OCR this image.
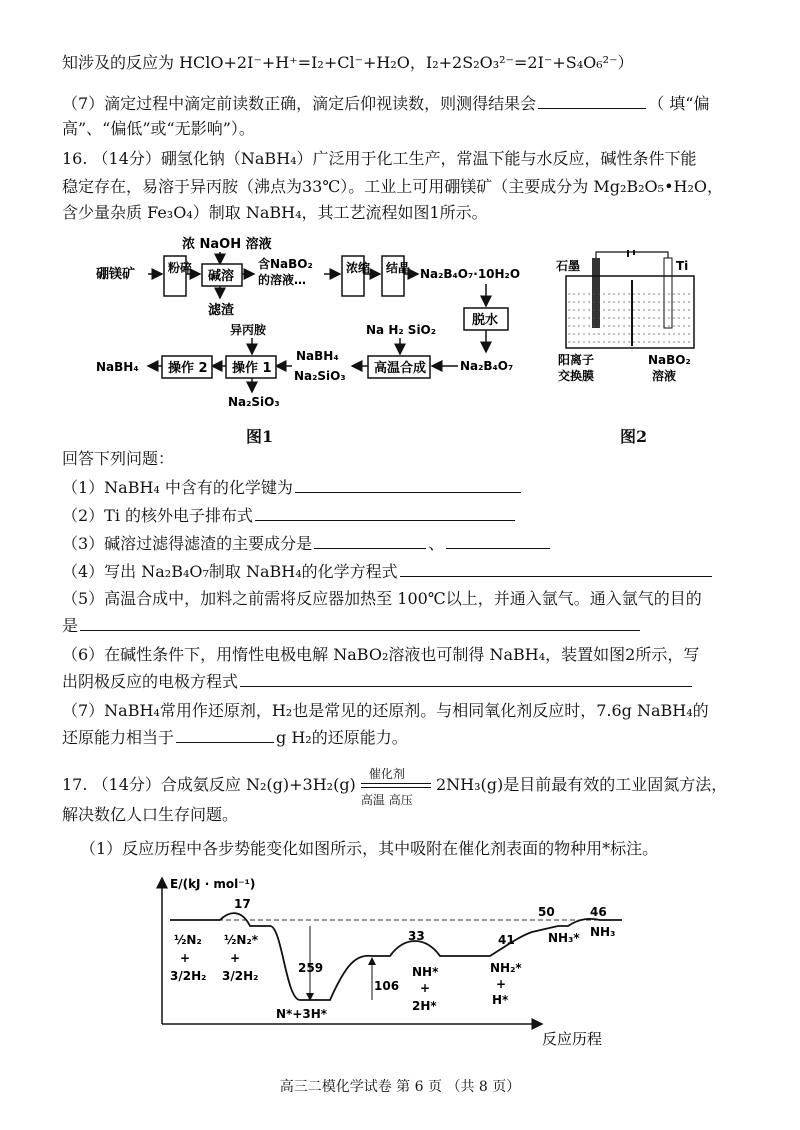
知涉及的反应为 HClO+2I⁻+H⁺=I₂+Cl⁻+H₂O，I₂+2S₂O₃²⁻=2I⁻+S₄O₆²⁻）
（7）滴定过程中滴定前读数正确，滴定后仰视读数，则测得结果会	（ 填“偏
高”、“偏低”或“无影响”）。
16. （14分）硼氢化钠（NaBH₄）广泛用于化工生产，常温下能与水反应，碱性条件下能
稳定存在，易溶于异丙胺（沸点为33℃）。工业上可用硼镁矿（主要成分为 Mg₂B₂O₅•H₂O，
含少量杂质 Fe₃O₄）制取 NaBH₄，其工艺流程如图1所示。
硼镁矿	粉碎
浓 NaOH 溶液
碱溶
滤渣
含NaBO₂
的溶液…
浓缩 结晶 Na₂B₄O₇·10H₂O
脱水
Na₂B₄O₇
Na H₂ SiO₂
高温合成
NaBH₄
Na₂SiO₃
异丙胺
操作 1
Na₂SiO₃
操作 2
NaBH₄
图1
石墨	Ti
阳离子
交换膜
NaBO₂
溶液
图2
回答下列问题：
（1）NaBH₄ 中含有的化学键为
（2）Ti 的核外电子排布式
（3）碱溶过滤得滤渣的主要成分是	、
（4）写出 Na₂B₄O₇制取 NaBH₄的化学方程式
（5）高温合成中，加料之前需将反应器加热至 100℃以上，并通入氩气。通入氩气的目的
是
（6）在碱性条件下，用惰性电极电解 NaBO₂溶液也可制得 NaBH₄，装置如图2所示，写
出阴极反应的电极方程式
（7）NaBH₄常用作还原剂，H₂也是常见的还原剂。与相同氧化剂反应时，7.6g NaBH₄的
还原能力相当于	g H₂的还原能力。
17. （14分）合成氨反应 N₂(g)+3H₂(g)
催化剂
高温 高压
2NH₃(g)是目前最有效的工业固氮方法，
解决数亿人口生存问题。
（1）反应历程中各步势能变化如图所示，其中吸附在催化剂表面的物种用*标注。
E/(kJ · mol⁻¹)
反应历程
17
259
106
33	41
50	46
½N₂
+
3/2H₂
½N₂*
+
3/2H₂
N*+3H*
NH*
+
2H*
NH₂*
+
H*
NH₃* NH₃
高三二模化学试卷 第 6 页 （共 8 页）
